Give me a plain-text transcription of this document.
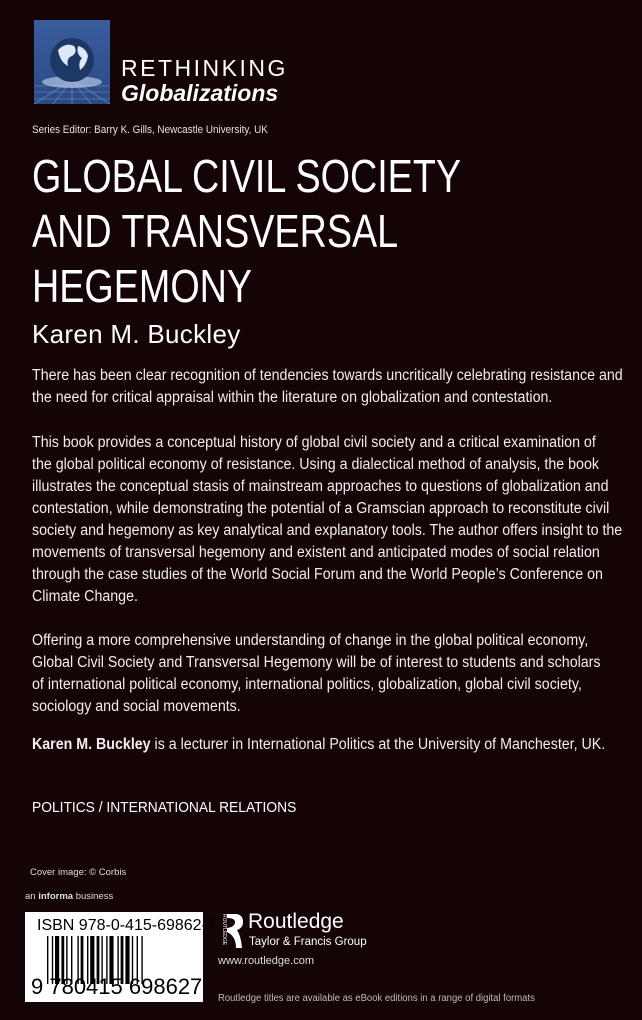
RETHINKING
Globalizations
Series Editor: Barry K. Gills, Newcastle University, UK
GLOBAL CIVIL SOCIETY
AND TRANSVERSAL
HEGEMONY
Karen M. Buckley
There has been clear recognition of tendencies towards uncritically celebrating resistance and
the need for critical appraisal within the literature on globalization and contestation.
This book provides a conceptual history of global civil society and a critical examination of
the global political economy of resistance. Using a dialectical method of analysis, the book
illustrates the conceptual stasis of mainstream approaches to questions of globalization and
contestation, while demonstrating the potential of a Gramscian approach to reconstitute civil
society and hegemony as key analytical and explanatory tools. The author offers insight to the
movements of transversal hegemony and existent and anticipated modes of social relation
through the case studies of the World Social Forum and the World People’s Conference on
Climate Change.
Offering a more comprehensive understanding of change in the global political economy,
Global Civil Society and Transversal Hegemony will be of interest to students and scholars
of international political economy, international politics, globalization, global civil society,
sociology and social movements.
Karen M. Buckley is a lecturer in International Politics at the University of Manchester, UK.
POLITICS / INTERNATIONAL RELATIONS
Cover image: © Corbis
an informa business
ISBN 978-0-415-69862-7
9 780415 698627
ROUTLEDGE Routledge
Taylor & Francis Group
www.routledge.com
Routledge titles are available as eBook editions in a range of digital formats
